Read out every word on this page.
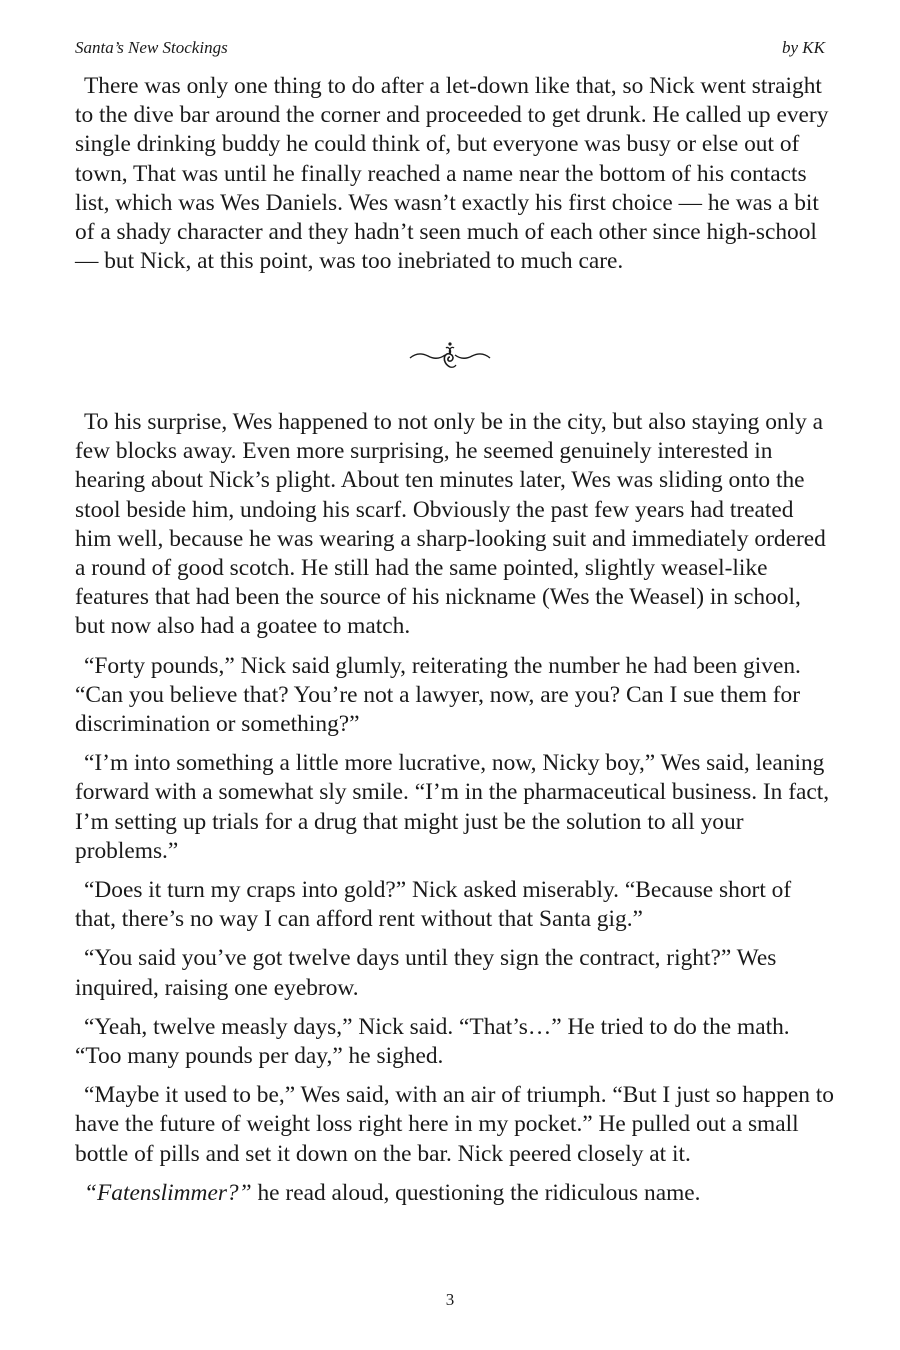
Santa’s New Stockings	by KK

There was only one thing to do after a let-down like that, so Nick went straight to the dive bar around the corner and proceeded to get drunk. He called up every single drinking buddy he could think of, but everyone was busy or else out of town, That was until he finally reached a name near the bottom of his contacts list, which was Wes Daniels. Wes wasn’t exactly his first choice — he was a bit of a shady character and they hadn’t seen much of each other since high-school — but Nick, at this point, was too inebriated to much care.

To his surprise, Wes happened to not only be in the city, but also staying only a few blocks away. Even more surprising, he seemed genuinely interested in hearing about Nick’s plight. About ten minutes later, Wes was sliding onto the stool beside him, undoing his scarf. Obviously the past few years had treated him well, because he was wearing a sharp-looking suit and immediately ordered a round of good scotch. He still had the same pointed, slightly weasel-like features that had been the source of his nickname (Wes the Weasel) in school, but now also had a goatee to match.

“Forty pounds,” Nick said glumly, reiterating the number he had been given. “Can you believe that? You’re not a lawyer, now, are you? Can I sue them for discrimination or something?”

“I’m into something a little more lucrative, now, Nicky boy,” Wes said, leaning forward with a somewhat sly smile. “I’m in the pharmaceutical business. In fact, I’m setting up trials for a drug that might just be the solution to all your problems.”

“Does it turn my craps into gold?” Nick asked miserably. “Because short of that, there’s no way I can afford rent without that Santa gig.”

“You said you’ve got twelve days until they sign the contract, right?” Wes inquired, raising one eyebrow.

“Yeah, twelve measly days,” Nick said. “That’s…” He tried to do the math. “Too many pounds per day,” he sighed.

“Maybe it used to be,” Wes said, with an air of triumph. “But I just so happen to have the future of weight loss right here in my pocket.” He pulled out a small bottle of pills and set it down on the bar. Nick peered closely at it.

“Fatenslimmer?” he read aloud, questioning the ridiculous name.

3
